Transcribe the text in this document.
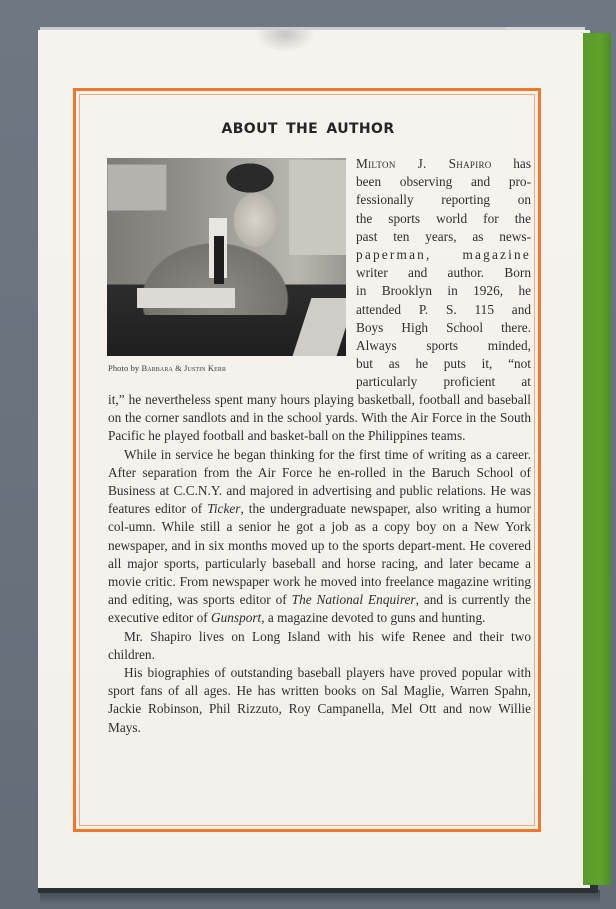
ABOUT THE AUTHOR
Photo by Barbara & Justin Kerr
Milton J. Shapiro has
been observing and pro-
fessionally reporting on
the sports world for the
past ten years, as news-
paperman, magazine
writer and author. Born
in Brooklyn in 1926, he
attended P. S. 115 and
Boys High School there.
Always sports minded,
but as he puts it, “not
particularly proficient at

it,” he nevertheless spent many hours playing basketball, football and baseball on the corner sandlots and in the school yards. With the Air Force in the South Pacific he played football and basket-ball on the Philippines teams.

While in service he began thinking for the first time of writing as a career. After separation from the Air Force he en-rolled in the Baruch School of Business at C.C.N.Y. and majored in advertising and public relations. He was features editor of Ticker, the undergraduate newspaper, also writing a humor col-umn. While still a senior he got a job as a copy boy on a New York newspaper, and in six months moved up to the sports depart-ment. He covered all major sports, particularly baseball and horse racing, and later became a movie critic. From newspaper work he moved into freelance magazine writing and editing, was sports editor of The National Enquirer, and is currently the executive editor of Gunsport, a magazine devoted to guns and hunting.

Mr. Shapiro lives on Long Island with his wife Renee and their two children.

His biographies of outstanding baseball players have proved popular with sport fans of all ages. He has written books on Sal Maglie, Warren Spahn, Jackie Robinson, Phil Rizzuto, Roy Campanella, Mel Ott and now Willie Mays.
